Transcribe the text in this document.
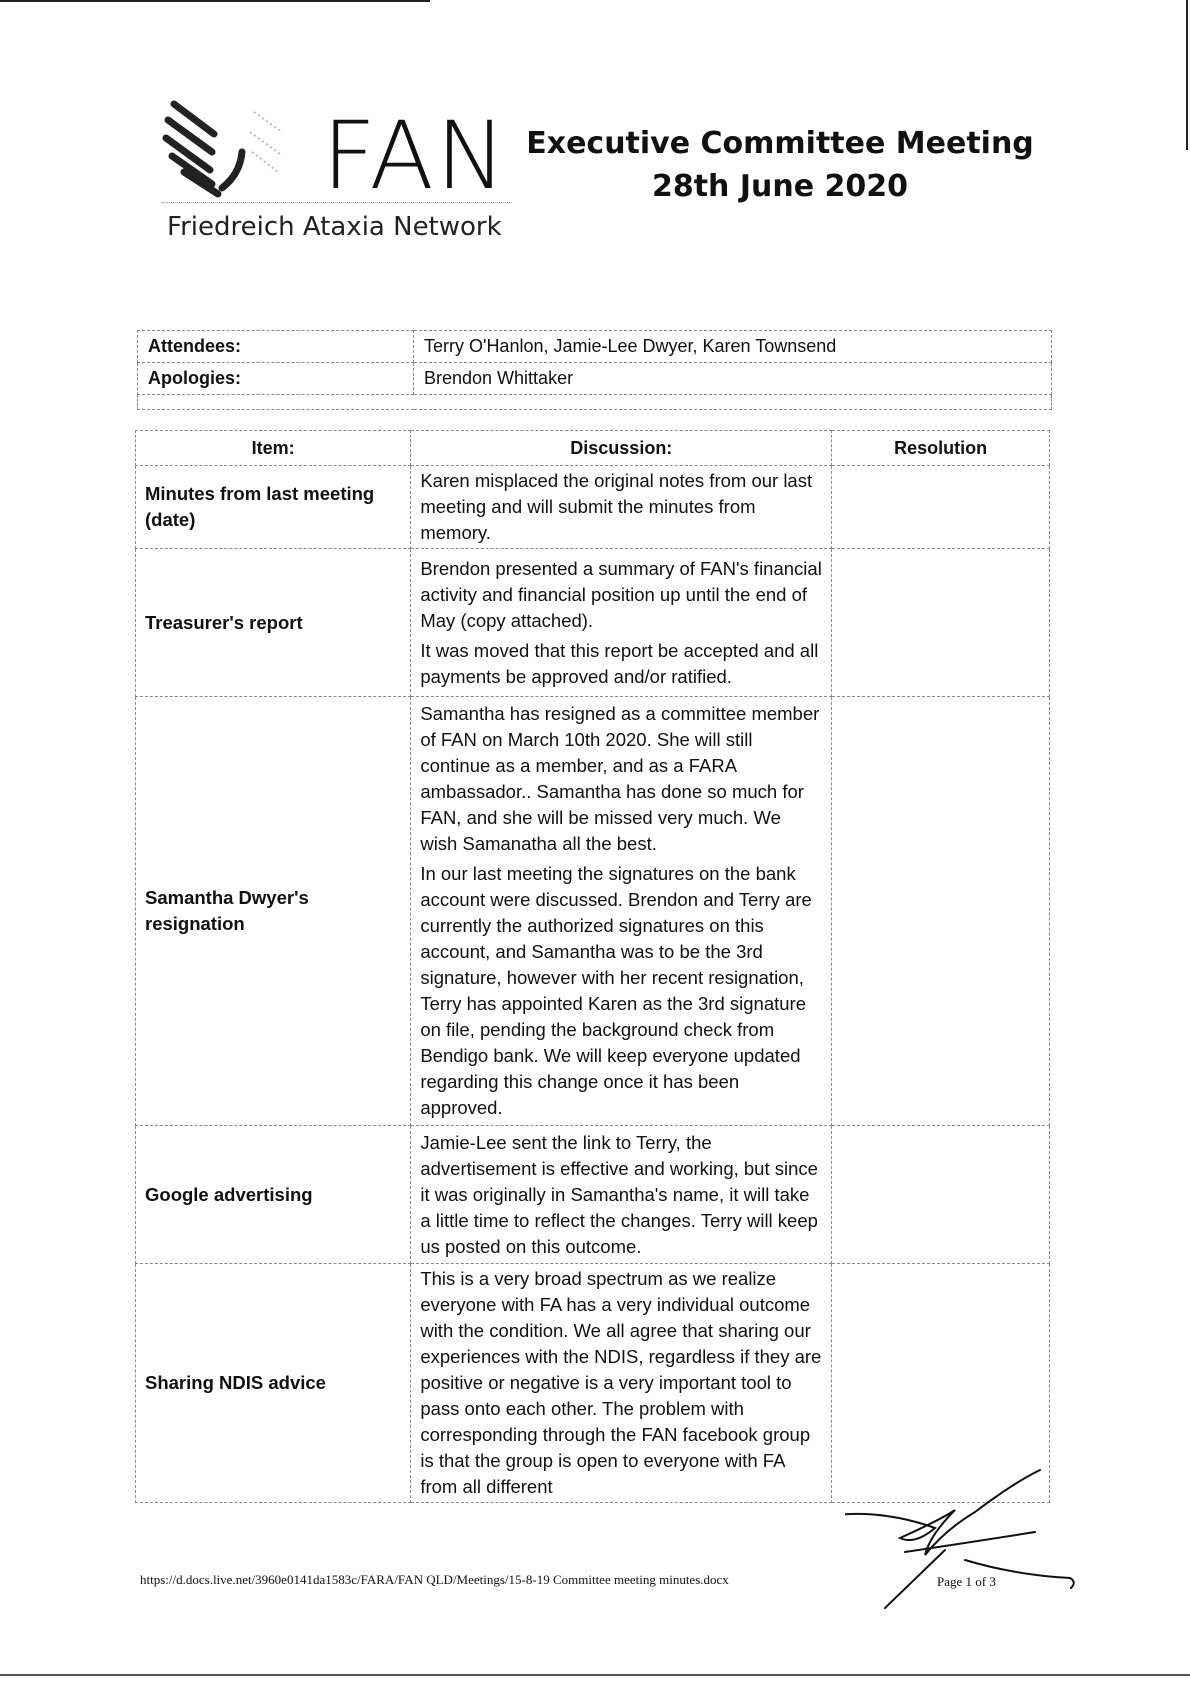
FAN
Friedreich Ataxia Network
Executive Committee Meeting
28th June 2020
Attendees:	Terry O'Hanlon, Jamie-Lee Dwyer, Karen Townsend
Apologies:	Brendon Whittaker

Item:	Discussion:	Resolution
Minutes from last meeting (date)	Karen misplaced the original notes from our last meeting and will submit the minutes from memory.	

Treasurer's report	Brendon presented a summary of FAN's financial activity and financial position up until the end of May (copy attached).

It was moved that this report be accepted and all payments be approved and/or ratified.	

Samantha Dwyer's resignation	Samantha has resigned as a committee member of FAN on March 10th 2020. She will still continue as a member, and as a FARA ambassador.. Samantha has done so much for FAN, and she will be missed very much. We wish Samanatha all the best.

In our last meeting the signatures on the bank account were discussed. Brendon and Terry are currently the authorized signatures on this account, and Samantha was to be the 3rd signature, however with her recent resignation, Terry has appointed Karen as the 3rd signature on file, pending the background check from Bendigo bank. We will keep everyone updated regarding this change once it has been approved.	

Google advertising	Jamie-Lee sent the link to Terry, the advertisement is effective and working, but since it was originally in Samantha's name, it will take a little time to reflect the changes. Terry will keep us posted on this outcome.	

Sharing NDIS advice	This is a very broad spectrum as we realize everyone with FA has a very individual outcome with the condition. We all agree that sharing our experiences with the NDIS, regardless if they are positive or negative is a very important tool to pass onto each other. The problem with corresponding through the FAN facebook group is that the group is open to everyone with FA from all different	

https://d.docs.live.net/3960e0141da1583c/FARA/FAN QLD/Meetings/15-8-19 Committee meeting minutes.docx	Page 1 of 3
